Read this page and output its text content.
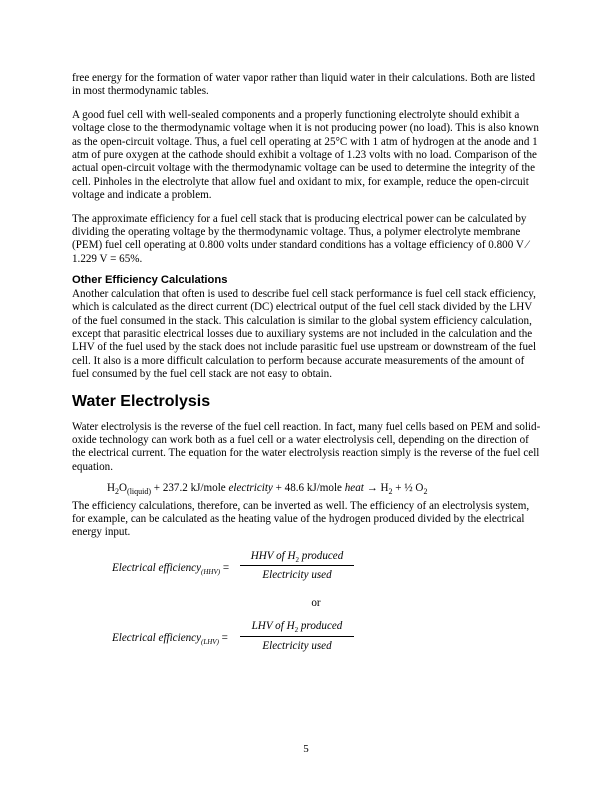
free energy for the formation of water vapor rather than liquid water in their calculations. Both are listed in most thermodynamic tables.

A good fuel cell with well-sealed components and a properly functioning electrolyte should exhibit a voltage close to the thermodynamic voltage when it is not producing power (no load). This is also known as the open-circuit voltage. Thus, a fuel cell operating at 25°C with 1 atm of hydrogen at the anode and 1 atm of pure oxygen at the cathode should exhibit a voltage of 1.23 volts with no load. Comparison of the actual open-circuit voltage with the thermodynamic voltage can be used to determine the integrity of the cell. Pinholes in the electrolyte that allow fuel and oxidant to mix, for example, reduce the open-circuit voltage and indicate a problem.

The approximate efficiency for a fuel cell stack that is producing electrical power can be calculated by dividing the operating voltage by the thermodynamic voltage. Thus, a polymer electrolyte membrane (PEM) fuel cell operating at 0.800 volts under standard conditions has a voltage efficiency of 0.800 V ⁄ 1.229 V = 65%.

Other Efficiency Calculations

Another calculation that often is used to describe fuel cell stack performance is fuel cell stack efficiency, which is calculated as the direct current (DC) electrical output of the fuel cell stack divided by the LHV of the fuel consumed in the stack. This calculation is similar to the global system efficiency calculation, except that parasitic electrical losses due to auxiliary systems are not included in the calculation and the LHV of the fuel used by the stack does not include parasitic fuel use upstream or downstream of the fuel cell. It also is a more difficult calculation to perform because accurate measurements of the amount of fuel consumed by the fuel cell stack are not easy to obtain.

Water Electrolysis

Water electrolysis is the reverse of the fuel cell reaction. In fact, many fuel cells based on PEM and solid-oxide technology can work both as a fuel cell or a water electrolysis cell, depending on the direction of the electrical current. The equation for the water electrolysis reaction simply is the reverse of the fuel cell equation.

$H_2O_{(liquid)} + 237.2$ kJ/mole electricity + 48.6 kJ/mole heat → $H_2$ + ½ $O_2$

The efficiency calculations, therefore, can be inverted as well. The efficiency of an electrolysis system, for example, can be calculated as the heating value of the hydrogen produced divided by the electrical energy input.

Electrical efficiency$_{(HHV)}$ =
HHV of $H_2$ produced
Electricity used
or
Electrical efficiency$_{(LHV)}$ =
LHV of $H_2$ produced
Electricity used
5
